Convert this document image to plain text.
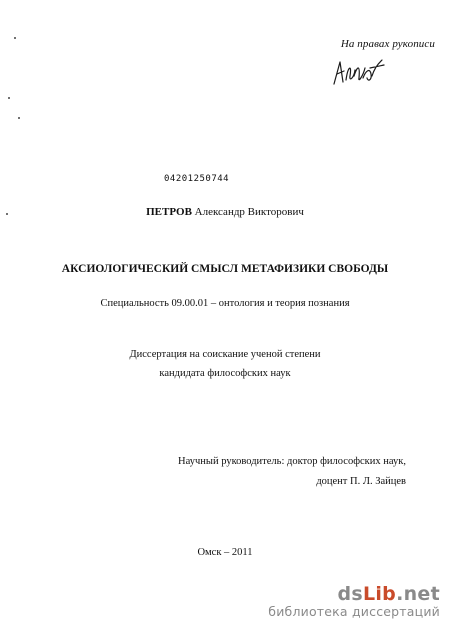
На правах рукописи
04201250744
ПЕТРОВ Александр Викторович
АКСИОЛОГИЧЕСКИЙ СМЫСЛ МЕТАФИЗИКИ СВОБОДЫ
Специальность 09.00.01 – онтология и теория познания
Диссертация на соискание ученой степени
кандидата философских наук
Научный руководитель: доктор философских наук,
доцент П. Л. Зайцев
Омск – 2011
dsLib.net
библиотека диссертаций
